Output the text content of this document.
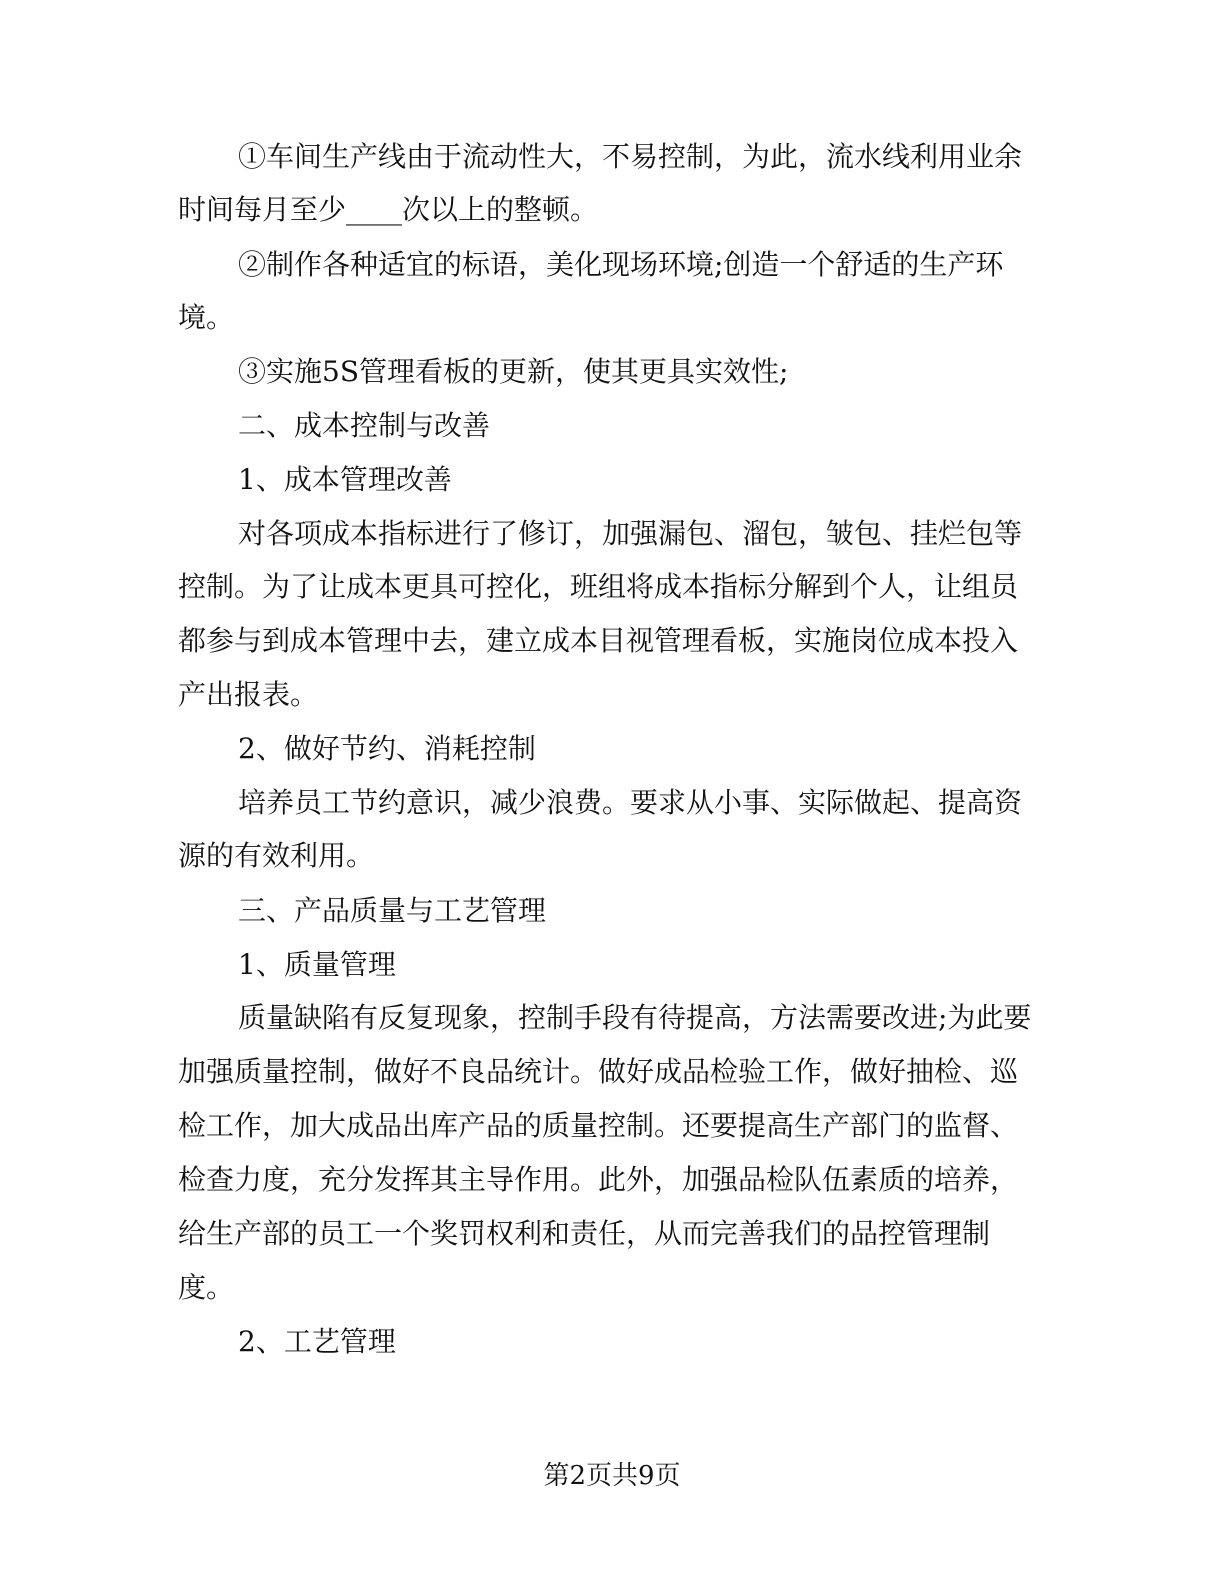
①车间生产线由于流动性大，不易控制，为此，流水线利用业余
时间每月至少____次以上的整顿。
②制作各种适宜的标语，美化现场环境;创造一个舒适的生产环
境。
③实施5S管理看板的更新，使其更具实效性;
二、成本控制与改善
1、成本管理改善
对各项成本指标进行了修订，加强漏包、溜包，皱包、挂烂包等
控制。为了让成本更具可控化，班组将成本指标分解到个人，让组员
都参与到成本管理中去，建立成本目视管理看板，实施岗位成本投入
产出报表。
2、做好节约、消耗控制
培养员工节约意识，减少浪费。要求从小事、实际做起、提高资
源的有效利用。
三、产品质量与工艺管理
1、质量管理
质量缺陷有反复现象，控制手段有待提高，方法需要改进;为此要
加强质量控制，做好不良品统计。做好成品检验工作，做好抽检、巡
检工作，加大成品出库产品的质量控制。还要提高生产部门的监督、
检查力度，充分发挥其主导作用。此外，加强品检队伍素质的培养，
给生产部的员工一个奖罚权利和责任，从而完善我们的品控管理制
度。
2、工艺管理
第2页共9页
